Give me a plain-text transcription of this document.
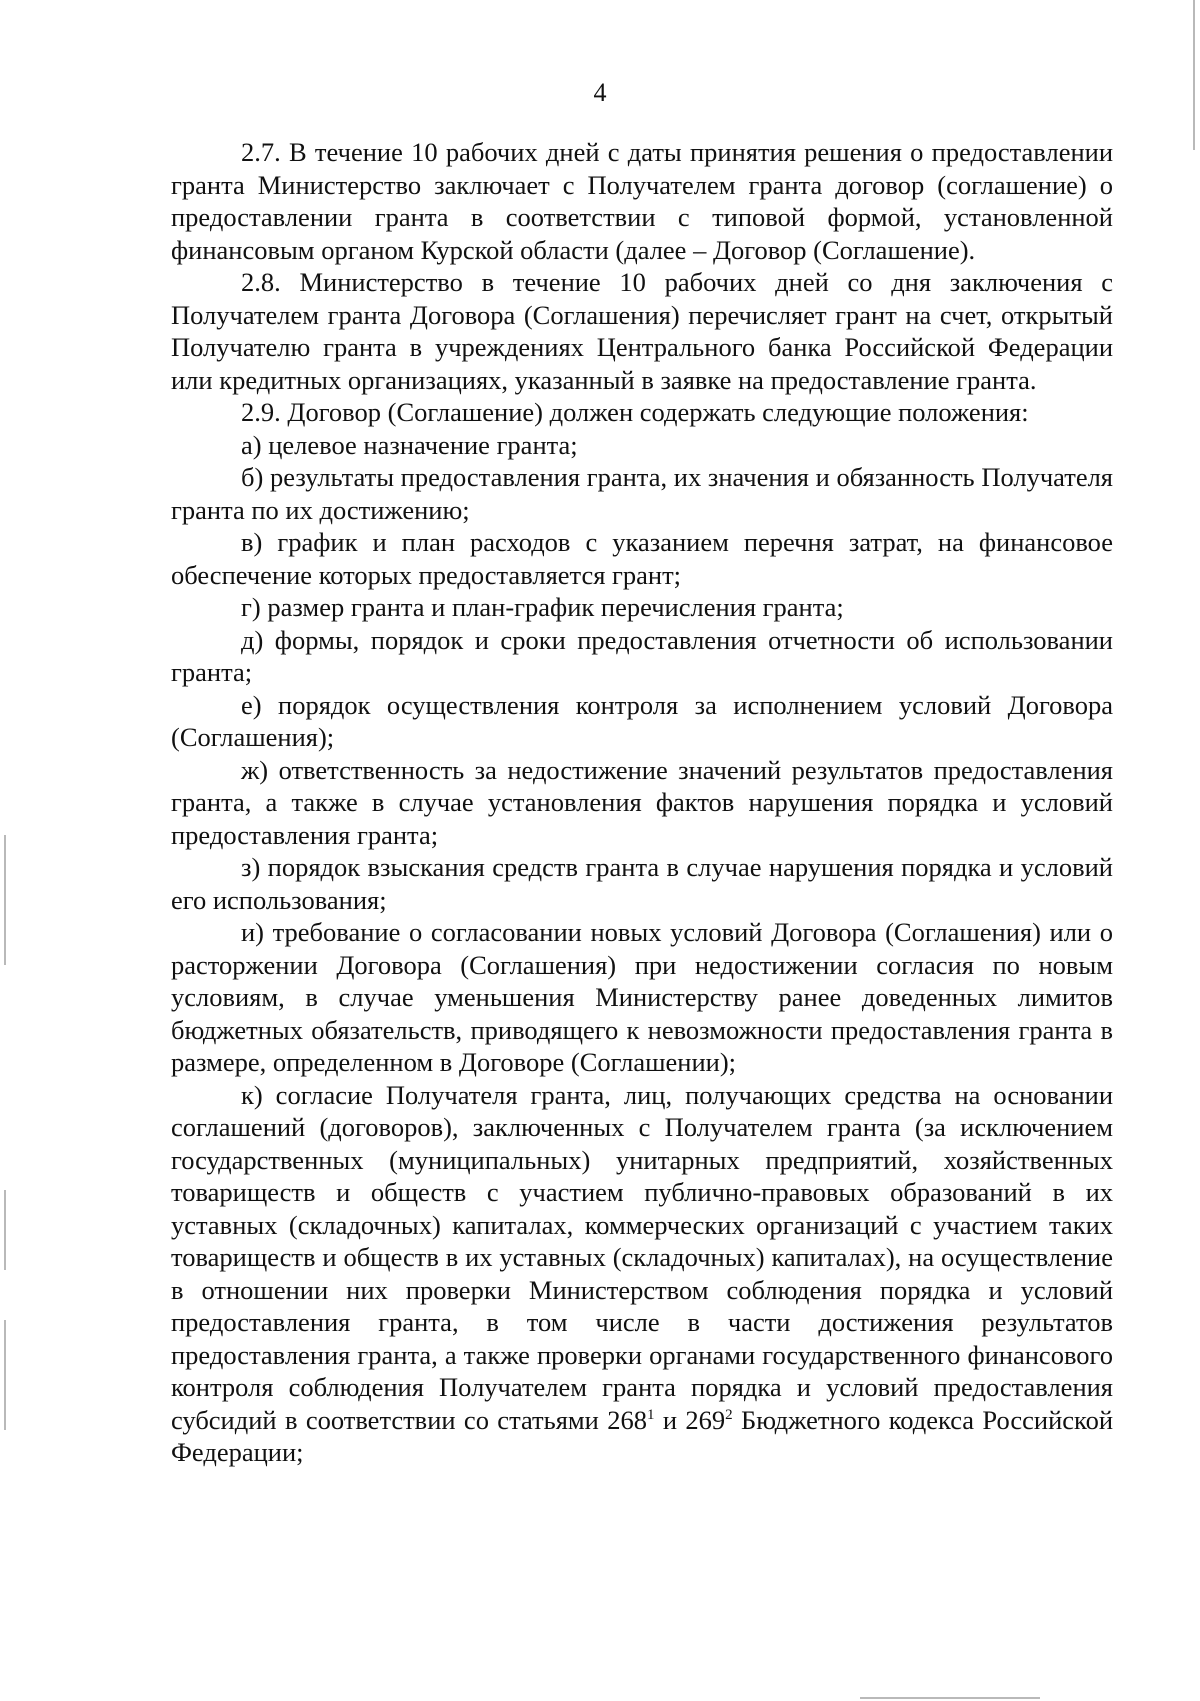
4

2.7. В течение 10 рабочих дней с даты принятия решения о предоставлении гранта Министерство заключает с Получателем гранта договор (соглашение) о предоставлении гранта в соответствии с типовой формой, установленной финансовым органом Курской области (далее – Договор (Соглашение).

2.8. Министерство в течение 10 рабочих дней со дня заключения с Получателем гранта Договора (Соглашения) перечисляет грант на счет, открытый Получателю гранта в учреждениях Центрального банка Российской Федерации или кредитных организациях, указанный в заявке на предоставление гранта.

2.9. Договор (Соглашение) должен содержать следующие положения:

а) целевое назначение гранта;

б) результаты предоставления гранта, их значения и обязанность Получателя гранта по их достижению;

в) график и план расходов с указанием перечня затрат, на финансовое обеспечение которых предоставляется грант;

г) размер гранта и план-график перечисления гранта;

д) формы, порядок и сроки предоставления отчетности об использовании гранта;

е) порядок осуществления контроля за исполнением условий Договора (Соглашения);

ж) ответственность за недостижение значений результатов предоставления гранта, а также в случае установления фактов нарушения порядка и условий предоставления гранта;

з) порядок взыскания средств гранта в случае нарушения порядка и условий его использования;

и) требование о согласовании новых условий Договора (Соглашения) или о расторжении Договора (Соглашения) при недостижении согласия по новым условиям, в случае уменьшения Министерству ранее доведенных лимитов бюджетных обязательств, приводящего к невозможности предоставления гранта в размере, определенном в Договоре (Соглашении);

к) согласие Получателя гранта, лиц, получающих средства на основании соглашений (договоров), заключенных с Получателем гранта (за исключением государственных (муниципальных) унитарных предприятий, хозяйственных товариществ и обществ с участием публично-правовых образований в их уставных (складочных) капиталах, коммерческих организаций с участием таких товариществ и обществ в их уставных (складочных) капиталах), на осуществление в отношении них проверки Министерством соблюдения порядка и условий предоставления гранта, в том числе в части достижения результатов предоставления гранта, а также проверки органами государственного финансового контроля соблюдения Получателем гранта порядка и условий предоставления субсидий в соответствии со статьями $268^1$ и $269^2$ Бюджетного кодекса Российской Федерации;
